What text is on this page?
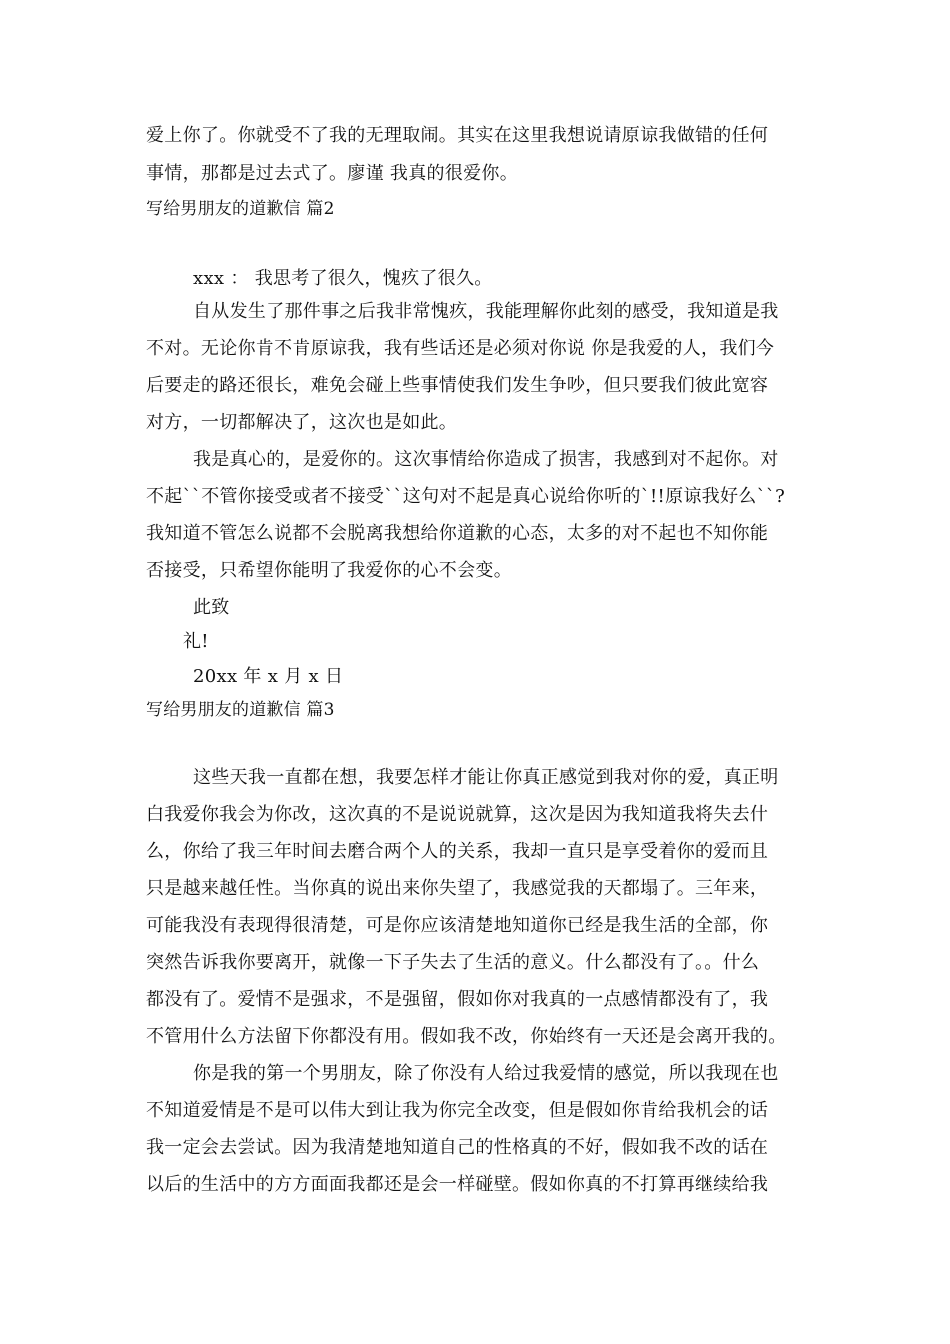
爱上你了。你就受不了我的无理取闹。其实在这里我想说请原谅我做错的任何
事情，那都是过去式了。廖谨 我真的很爱你。
写给男朋友的道歉信 篇2
xxx ： 我思考了很久，愧疚了很久。
自从发生了那件事之后我非常愧疚，我能理解你此刻的感受，我知道是我
不对。无论你肯不肯原谅我，我有些话还是必须对你说 你是我爱的人，我们今
后要走的路还很长，难免会碰上些事情使我们发生争吵，但只要我们彼此宽容
对方，一切都解决了，这次也是如此。
我是真心的，是爱你的。这次事情给你造成了损害，我感到对不起你。对
不起``不管你接受或者不接受``这句对不起是真心说给你听的`!!原谅我好么``?
我知道不管怎么说都不会脱离我想给你道歉的心态，太多的对不起也不知你能
否接受，只希望你能明了我爱你的心不会变。
此致
礼!
20xx 年 x 月 x 日
写给男朋友的道歉信 篇3
这些天我一直都在想，我要怎样才能让你真正感觉到我对你的爱，真正明
白我爱你我会为你改，这次真的不是说说就算，这次是因为我知道我将失去什
么，你给了我三年时间去磨合两个人的关系，我却一直只是享受着你的爱而且
只是越来越任性。当你真的说出来你失望了，我感觉我的天都塌了。三年来，
可能我没有表现得很清楚，可是你应该清楚地知道你已经是我生活的全部，你
突然告诉我你要离开，就像一下子失去了生活的意义。什么都没有了。。什么
都没有了。爱情不是强求，不是强留，假如你对我真的一点感情都没有了，我
不管用什么方法留下你都没有用。假如我不改，你始终有一天还是会离开我的。
你是我的第一个男朋友，除了你没有人给过我爱情的感觉，所以我现在也
不知道爱情是不是可以伟大到让我为你完全改变，但是假如你肯给我机会的话
我一定会去尝试。因为我清楚地知道自己的性格真的不好，假如我不改的话在
以后的生活中的方方面面我都还是会一样碰壁。假如你真的不打算再继续给我
